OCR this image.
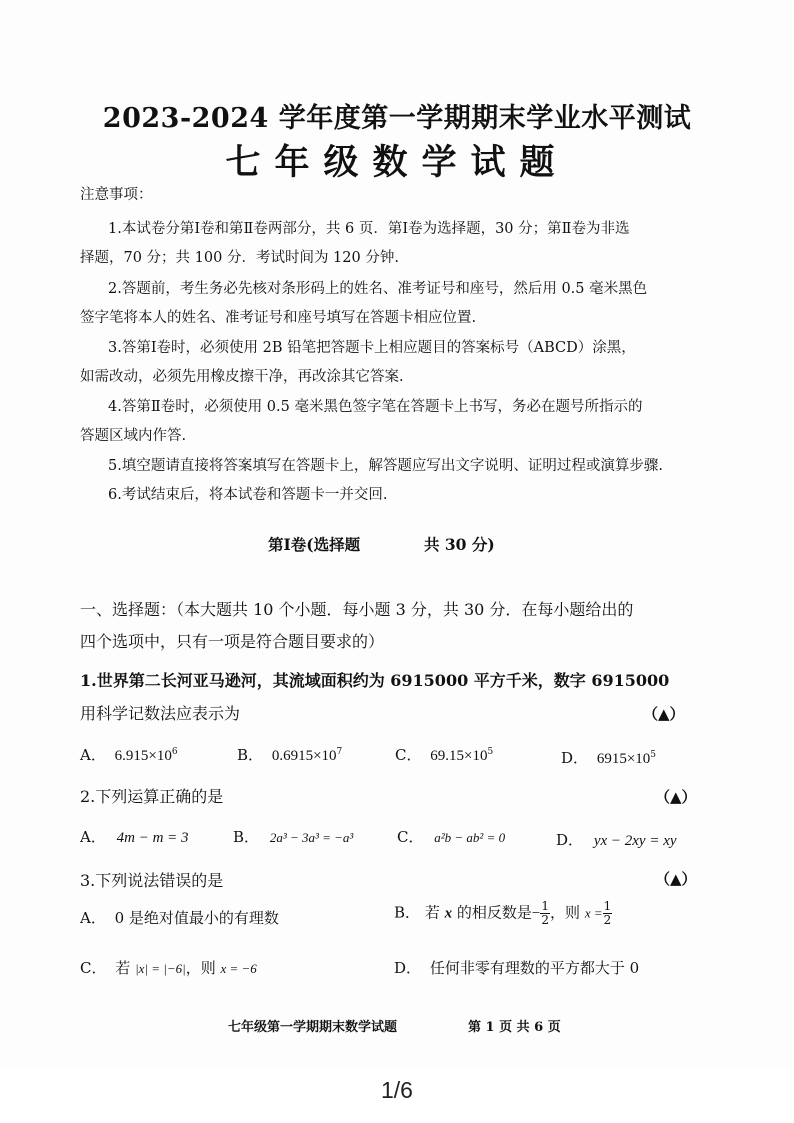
2023-2024 学年度第一学期期末学业水平测试
七年级数学试题
注意事项：
1.本试卷分第Ⅰ卷和第Ⅱ卷两部分，共 6 页．第Ⅰ卷为选择题，30 分；第Ⅱ卷为非选
择题，70 分；共 100 分．考试时间为 120 分钟.
2.答题前，考生务必先核对条形码上的姓名、准考证号和座号，然后用 0.5 毫米黑色
签字笔将本人的姓名、准考证号和座号填写在答题卡相应位置.
3.答第Ⅰ卷时，必须使用 2B 铅笔把答题卡上相应题目的答案标号（ABCD）涂黑，
如需改动，必须先用橡皮擦干净，再改涂其它答案.
4.答第Ⅱ卷时，必须使用 0.5 毫米黑色签字笔在答题卡上书写，务必在题号所指示的
答题区域内作答.
5.填空题请直接将答案填写在答题卡上，解答题应写出文字说明、证明过程或演算步骤.
6.考试结束后，将本试卷和答题卡一并交回.
第Ⅰ卷(选择题	共 30 分)
一、选择题：（本大题共 10 个小题．每小题 3 分，共 30 分．在每小题给出的
四个选项中，只有一项是符合题目要求的）
1.世界第二长河亚马逊河，其流域面积约为 6915000 平方千米，数字 6915000
用科学记数法应表示为	（▲）
A． $6.915\times 10^6$	B． $0.6915\times 10^7$	C． $69.15\times 10^5$	D． $6915\times 10^5$
2.下列运算正确的是	（▲）
A． 4m − m = 3	B． 2a³ − 3a³ = −a³	C． a²b − ab² = 0	D． yx − 2xy = xy
3.下列说法错误的是	（▲）
A． 0 是绝对值最小的有理数	B． 若 x 的相反数是− $\frac{1}{2}$ ，则 $x = \frac{1}{2}$
C． 若 |x| = |−6|，则 x = −6	D． 任何非零有理数的平方都大于 0
七年级第一学期期末数学试题	第 1 页 共 6 页
1/6
